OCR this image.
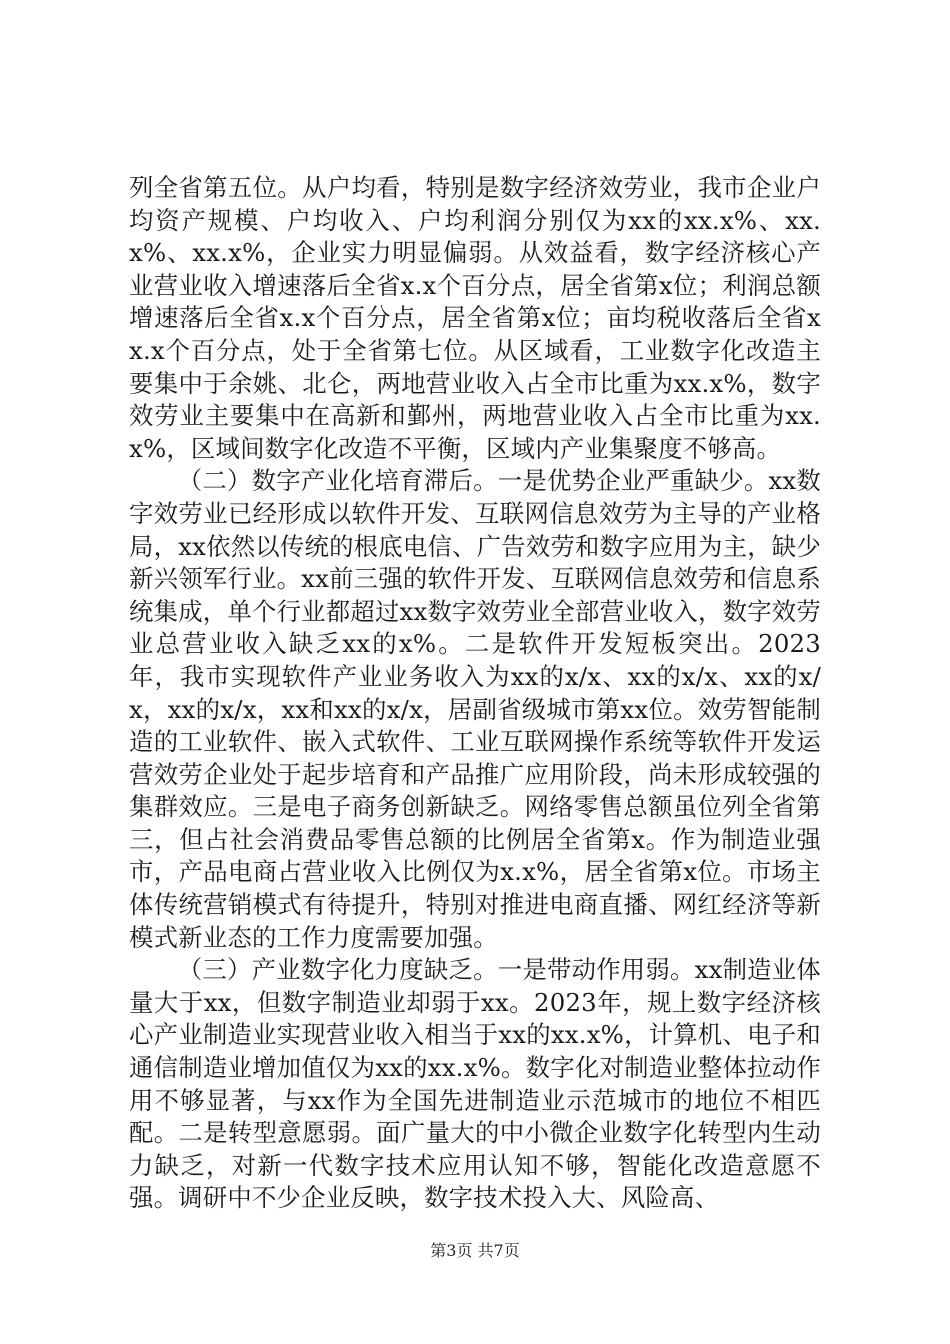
列全省第五位。从户均看，特别是数字经济效劳业，我市企业户均资产规模、户均收入、户均利润分别仅为xx的xx.x%、xx.x%、xx.x%，企业实力明显偏弱。从效益看，数字经济核心产业营业收入增速落后全省x.x个百分点，居全省第x位；利润总额增速落后全省x.x个百分点，居全省第x位；亩均税收落后全省xx.x个百分点，处于全省第七位。从区域看，工业数字化改造主要集中于余姚、北仑，两地营业收入占全市比重为xx.x%，数字效劳业主要集中在高新和鄞州，两地营业收入占全市比重为xx.x%，区域间数字化改造不平衡，区域内产业集聚度不够高。

（二）数字产业化培育滞后。一是优势企业严重缺少。xx数字效劳业已经形成以软件开发、互联网信息效劳为主导的产业格局，xx依然以传统的根底电信、广告效劳和数字应用为主，缺少新兴领军行业。xx前三强的软件开发、互联网信息效劳和信息系统集成，单个行业都超过xx数字效劳业全部营业收入，数字效劳业总营业收入缺乏xx的x%。二是软件开发短板突出。2023年，我市实现软件产业业务收入为xx的x/x、xx的x/x、xx的x/x，xx的x/x，xx和xx的x/x，居副省级城市第xx位。效劳智能制造的工业软件、嵌入式软件、工业互联网操作系统等软件开发运营效劳企业处于起步培育和产品推广应用阶段，尚未形成较强的集群效应。三是电子商务创新缺乏。网络零售总额虽位列全省第三，但占社会消费品零售总额的比例居全省第x。作为制造业强市，产品电商占营业收入比例仅为x.x%，居全省第x位。市场主体传统营销模式有待提升，特别对推进电商直播、网红经济等新模式新业态的工作力度需要加强。

（三）产业数字化力度缺乏。一是带动作用弱。xx制造业体量大于xx，但数字制造业却弱于xx。2023年，规上数字经济核心产业制造业实现营业收入相当于xx的xx.x%，计算机、电子和通信制造业增加值仅为xx的xx.x%。数字化对制造业整体拉动作用不够显著，与xx作为全国先进制造业示范城市的地位不相匹配。二是转型意愿弱。面广量大的中小微企业数字化转型内生动力缺乏，对新一代数字技术应用认知不够，智能化改造意愿不强。调研中不少企业反映，数字技术投入大、风险高、

第3页 共7页
